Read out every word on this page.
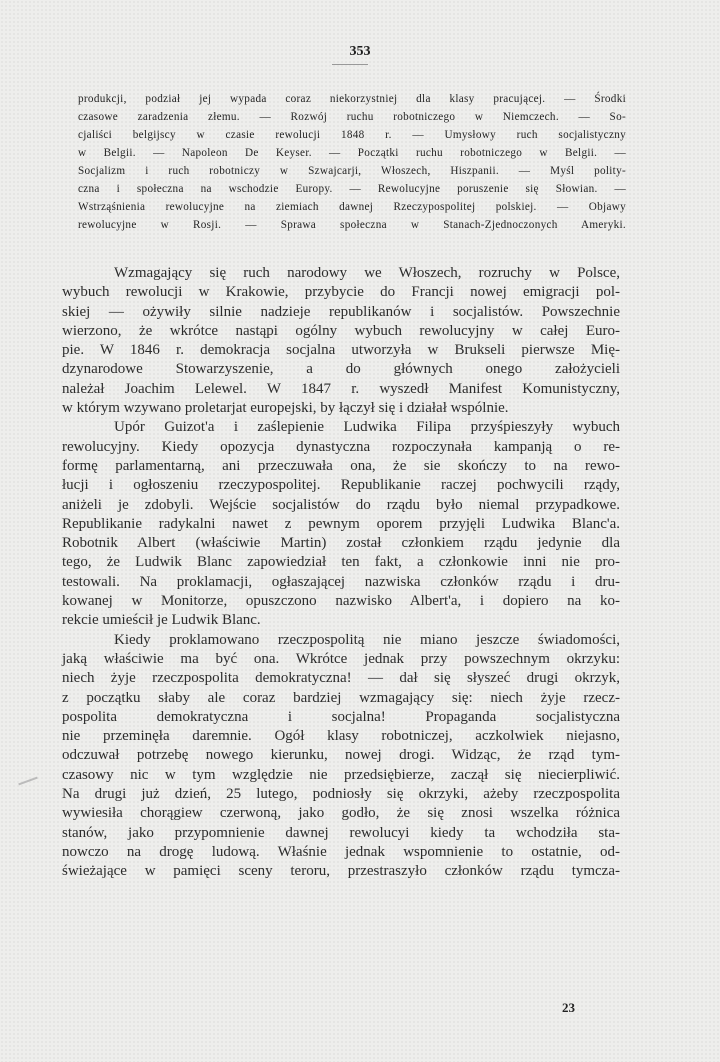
353
produkcji, podział jej wypada coraz niekorzystniej dla klasy pracującej. — Środki
czasowe zaradzenia złemu. — Rozwój ruchu robotniczego w Niemczech. — So-
cjaliści belgijscy w czasie rewolucji 1848 r. — Umysłowy ruch socjalistyczny
w Belgii. — Napoleon De Keyser. — Początki ruchu robotniczego w Belgii. —
Socjalizm i ruch robotniczy w Szwajcarji, Włoszech, Hiszpanii. — Myśl polity-
czna i społeczna na wschodzie Europy. — Rewolucyjne poruszenie się Słowian. —
Wstrząśnienia rewolucyjne na ziemiach dawnej Rzeczypospolitej polskiej. — Objawy
rewolucyjne w Rosji. — Sprawa społeczna w Stanach-Zjednoczonych Ameryki.
Wzmagający się ruch narodowy we Włoszech, rozruchy w Polsce,
wybuch rewolucji w Krakowie, przybycie do Francji nowej emigracji pol-
skiej — ożywiły silnie nadzieje republikanów i socjalistów. Powszechnie
wierzono, że wkrótce nastąpi ogólny wybuch rewolucyjny w całej Euro-
pie. W 1846 r. demokracja socjalna utworzyła w Brukseli pierwsze Mię-
dzynarodowe Stowarzyszenie, a do głównych onego założycieli
należał Joachim Lelewel. W 1847 r. wyszedł Manifest Komunistyczny,
w którym wzywano proletarjat europejski, by łączył się i działał wspólnie.
Upór Guizot'a i zaślepienie Ludwika Filipa przyśpieszyły wybuch
rewolucyjny. Kiedy opozycja dynastyczna rozpoczynała kampanją o re-
formę parlamentarną, ani przeczuwała ona, że sie skończy to na rewo-
łucji i ogłoszeniu rzeczypospolitej. Republikanie raczej pochwycili rządy,
aniżeli je zdobyli. Wejście socjalistów do rządu było niemal przypadkowe.
Republikanie radykalni nawet z pewnym oporem przyjęli Ludwika Blanc'a.
Robotnik Albert (właściwie Martin) został członkiem rządu jedynie dla
tego, że Ludwik Blanc zapowiedział ten fakt, a członkowie inni nie pro-
testowali. Na proklamacji, ogłaszającej nazwiska członków rządu i dru-
kowanej w Monitorze, opuszczono nazwisko Albert'a, i dopiero na ko-
rekcie umieścił je Ludwik Blanc.
Kiedy proklamowano rzeczpospolitą nie miano jeszcze świadomości,
jaką właściwie ma być ona. Wkrótce jednak przy powszechnym okrzyku:
niech żyje rzeczpospolita demokratyczna! — dał się słyszeć drugi okrzyk,
z początku słaby ale coraz bardziej wzmagający się: niech żyje rzecz-
pospolita demokratyczna i socjalna! Propaganda socjalistyczna
nie przeminęła daremnie. Ogół klasy robotniczej, aczkolwiek niejasno,
odczuwał potrzebę nowego kierunku, nowej drogi. Widząc, że rząd tym-
czasowy nic w tym względzie nie przedsiębierze, zaczął się niecierpliwić.
Na drugi już dzień, 25 lutego, podniosły się okrzyki, ażeby rzeczpospolita
wywiesiła chorągiew czerwoną, jako godło, że się znosi wszelka różnica
stanów, jako przypomnienie dawnej rewolucyi kiedy ta wchodziła sta-
nowczo na drogę ludową. Właśnie jednak wspomnienie to ostatnie, od-
świeżające w pamięci sceny teroru, przestraszyło członków rządu tymcza-
23
